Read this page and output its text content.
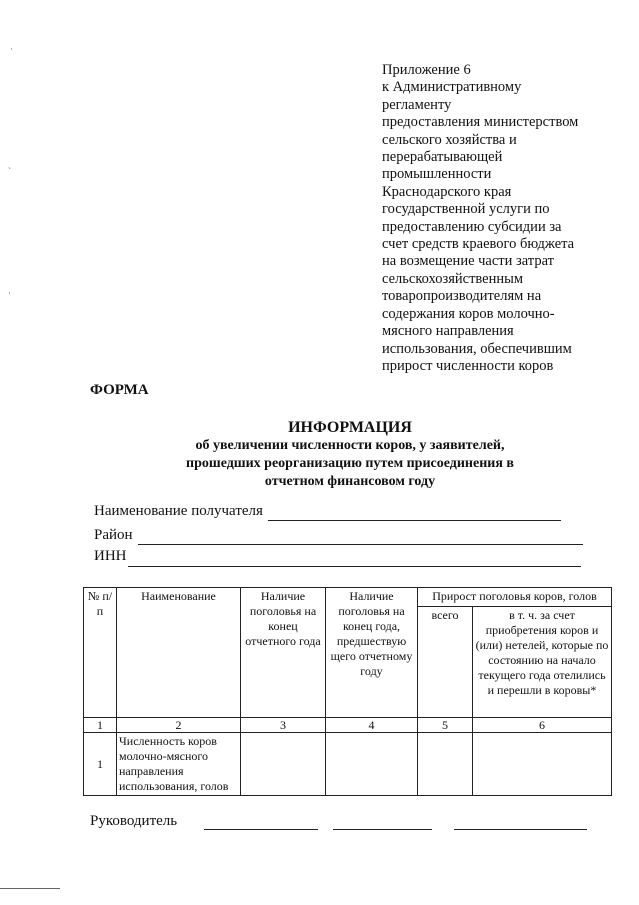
·
`
·
Приложение 6
к Административному
регламенту
предоставления министерством
сельского хозяйства и
перерабатывающей
промышленности
Краснодарского края
государственной услуги по
предоставлению субсидии за
счет средств краевого бюджета
на возмещение части затрат
сельскохозяйственным
товаропроизводителям на
содержания коров молочно-
мясного направления
использования, обеспечившим
прирост численности коров
ФОРМА
ИНФОРМАЦИЯ
об увеличении численности коров, у заявителей,
прошедших реорганизацию путем присоединения в
отчетном финансовом году
Наименование получателя
Район
ИНН
№ п/п	Наименование	Наличие поголовья на конец отчетного года	Наличие поголовья на конец года, предшествую щего отчетному году	Прирост поголовья коров, голов	
				всего	в т. ч. за счет приобретения коров и (или) нетелей, которые по состоянию на начало текущего года отелились и перешли в коровы*
1	2	3	4	5	6
1	Численность коров молочно-мясного направления использования, голов				
Руководитель
